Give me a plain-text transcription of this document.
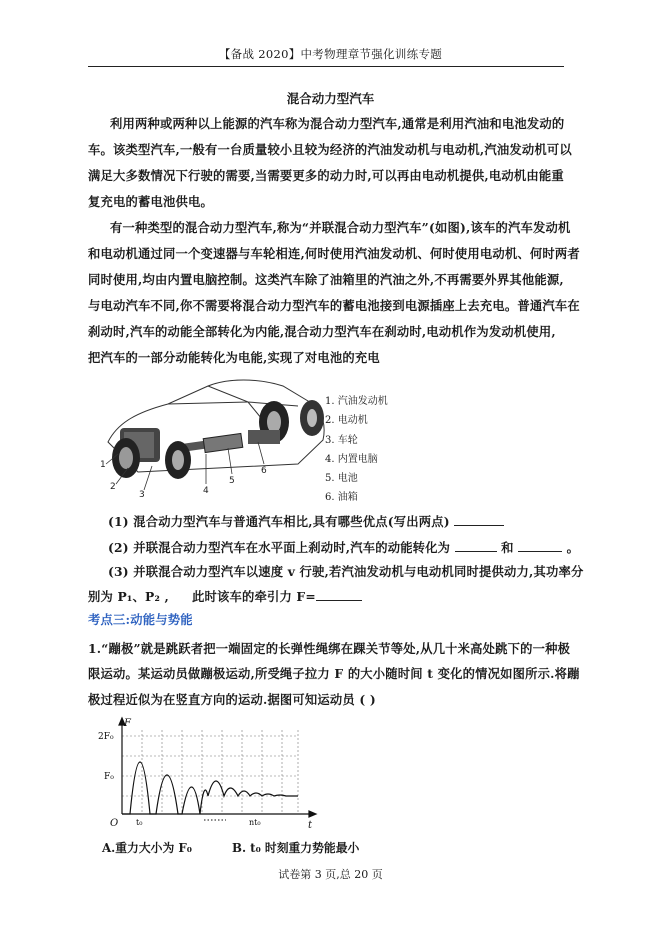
【备战 2020】中考物理章节强化训练专题
混合动力型汽车
利用两种或两种以上能源的汽车称为混合动力型汽车,通常是利用汽油和电池发动的
车。该类型汽车,一般有一台质量较小且较为经济的汽油发动机与电动机,汽油发动机可以
满足大多数情况下行驶的需要,当需要更多的动力时,可以再由电动机提供,电动机由能重
复充电的蓄电池供电。
有一种类型的混合动力型汽车,称为“并联混合动力型汽车”(如图),该车的汽车发动机
和电动机通过同一个变速器与车轮相连,何时使用汽油发动机、何时使用电动机、何时两者
同时使用,均由内置电脑控制。这类汽车除了油箱里的汽油之外,不再需要外界其他能源,
与电动汽车不同,你不需要将混合动力型汽车的蓄电池接到电源插座上去充电。普通汽车在
刹动时,汽车的动能全部转化为内能,混合动力型汽车在刹动时,电动机作为发动机使用,
把汽车的一部分动能转化为电能,实现了对电池的充电
1
2
3	4
5
6
1. 汽油发动机
2. 电动机
3. 车轮
4. 内置电脑
5. 电池
6. 油箱
(1) 混合动力型汽车与普通汽车相比,具有哪些优点(写出两点)
(2) 并联混合动力型汽车在水平面上刹动时,汽车的动能转化为	和	。
(3) 并联混合动力型汽车以速度 v 行驶,若汽油发动机与电动机同时提供动力,其功率分
别为 P₁、P₂ , 此时该车的牵引力 F=
考点三:动能与势能
1.“蹦极”就是跳跃者把一端固定的长弹性绳绑在踝关节等处,从几十米高处跳下的一种极
限运动。某运动员做蹦极运动,所受绳子拉力 F 的大小随时间 t 变化的情况如图所示.将蹦
极过程近似为在竖直方向的运动.据图可知运动员 ( )
F
t
O
2F₀
F₀
t₀	nt₀
A.重力大小为 F₀	B. t₀ 时刻重力势能最小
试卷第 3 页,总 20 页
